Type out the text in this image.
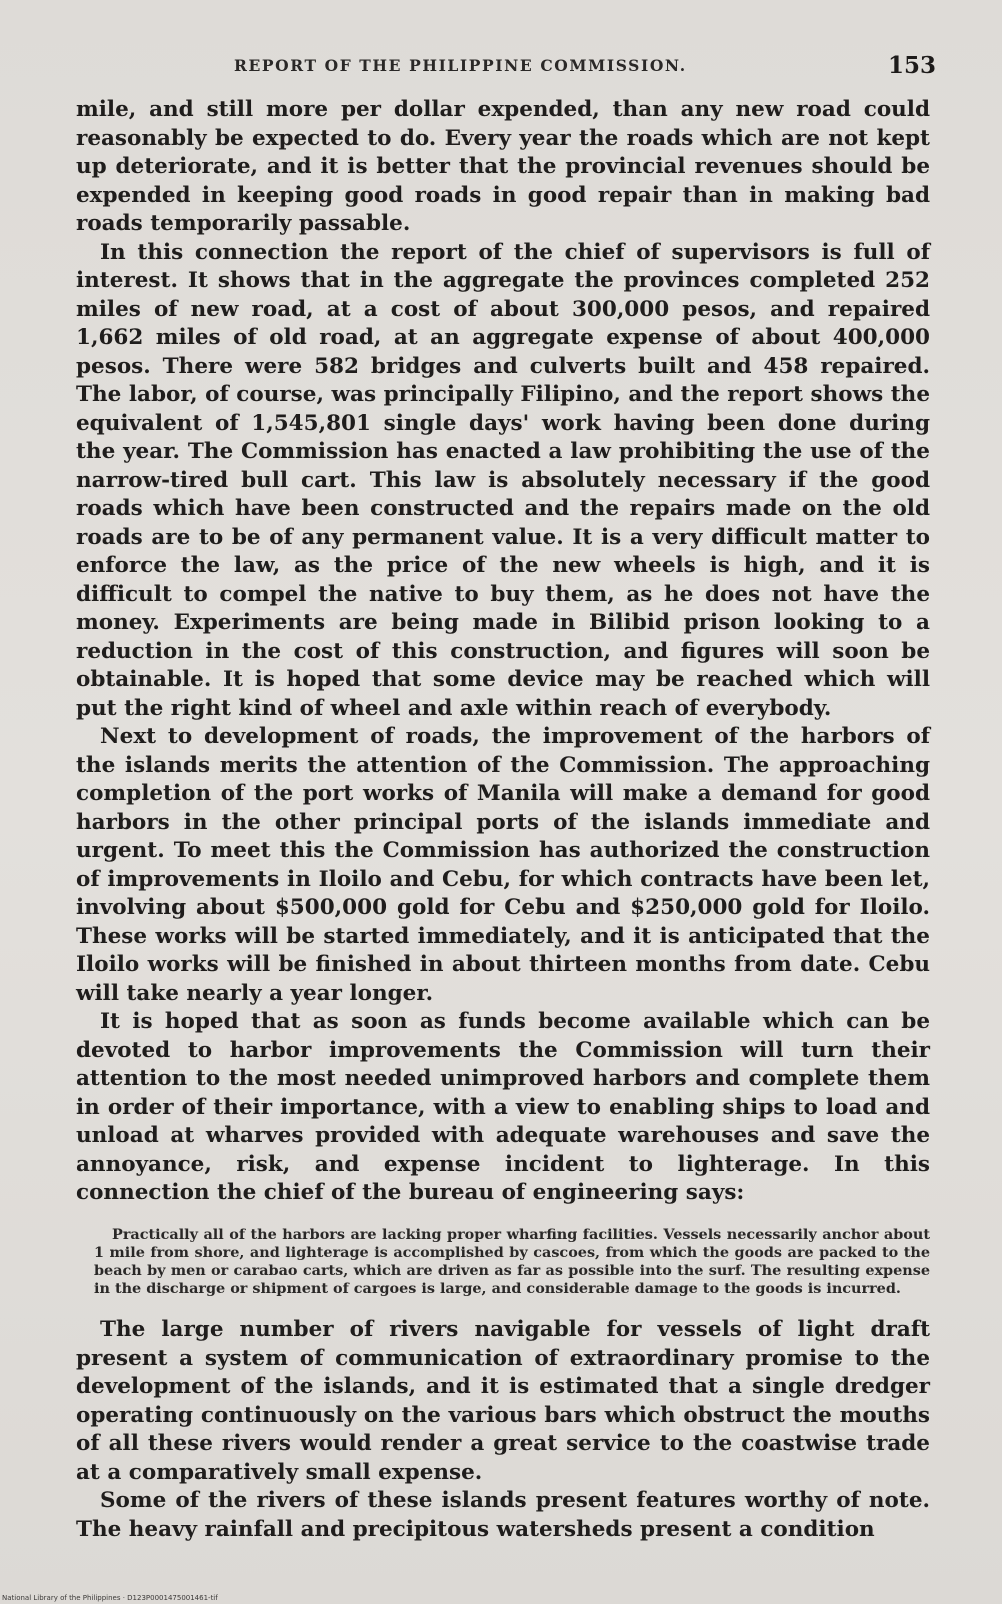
REPORT OF THE PHILIPPINE COMMISSION.	153

mile, and still more per dollar expended, than any new road could reasonably be expected to do. Every year the roads which are not kept up deteriorate, and it is better that the provincial revenues should be expended in keeping good roads in good repair than in making bad roads temporarily passable.

In this connection the report of the chief of supervisors is full of interest. It shows that in the aggregate the provinces completed 252 miles of new road, at a cost of about 300,000 pesos, and repaired 1,662 miles of old road, at an aggregate expense of about 400,000 pesos. There were 582 bridges and culverts built and 458 repaired. The labor, of course, was principally Filipino, and the report shows the equivalent of 1,545,801 single days' work having been done during the year. The Commission has enacted a law prohibiting the use of the narrow-tired bull cart. This law is absolutely necessary if the good roads which have been constructed and the repairs made on the old roads are to be of any permanent value. It is a very difficult matter to enforce the law, as the price of the new wheels is high, and it is difficult to compel the native to buy them, as he does not have the money. Experiments are being made in Bilibid prison looking to a reduction in the cost of this construction, and figures will soon be obtainable. It is hoped that some device may be reached which will put the right kind of wheel and axle within reach of everybody.

Next to development of roads, the improvement of the harbors of the islands merits the attention of the Commission. The approaching completion of the port works of Manila will make a demand for good harbors in the other principal ports of the islands immediate and urgent. To meet this the Commission has authorized the construction of improvements in Iloilo and Cebu, for which contracts have been let, involving about $500,000 gold for Cebu and $250,000 gold for Iloilo. These works will be started immediately, and it is anticipated that the Iloilo works will be finished in about thirteen months from date. Cebu will take nearly a year longer.

It is hoped that as soon as funds become available which can be devoted to harbor improvements the Commission will turn their attention to the most needed unimproved harbors and complete them in order of their importance, with a view to enabling ships to load and unload at wharves provided with adequate warehouses and save the annoyance, risk, and expense incident to lighterage. In this connection the chief of the bureau of engineering says:

Practically all of the harbors are lacking proper wharfing facilities. Vessels necessarily anchor about 1 mile from shore, and lighterage is accomplished by cascoes, from which the goods are packed to the beach by men or carabao carts, which are driven as far as possible into the surf. The resulting expense in the discharge or shipment of cargoes is large, and considerable damage to the goods is incurred.

The large number of rivers navigable for vessels of light draft present a system of communication of extraordinary promise to the development of the islands, and it is estimated that a single dredger operating continuously on the various bars which obstruct the mouths of all these rivers would render a great service to the coastwise trade at a comparatively small expense.

Some of the rivers of these islands present features worthy of note. The heavy rainfall and precipitous watersheds present a condition

National Library of the Philippines · D123P0001475001461-tif
